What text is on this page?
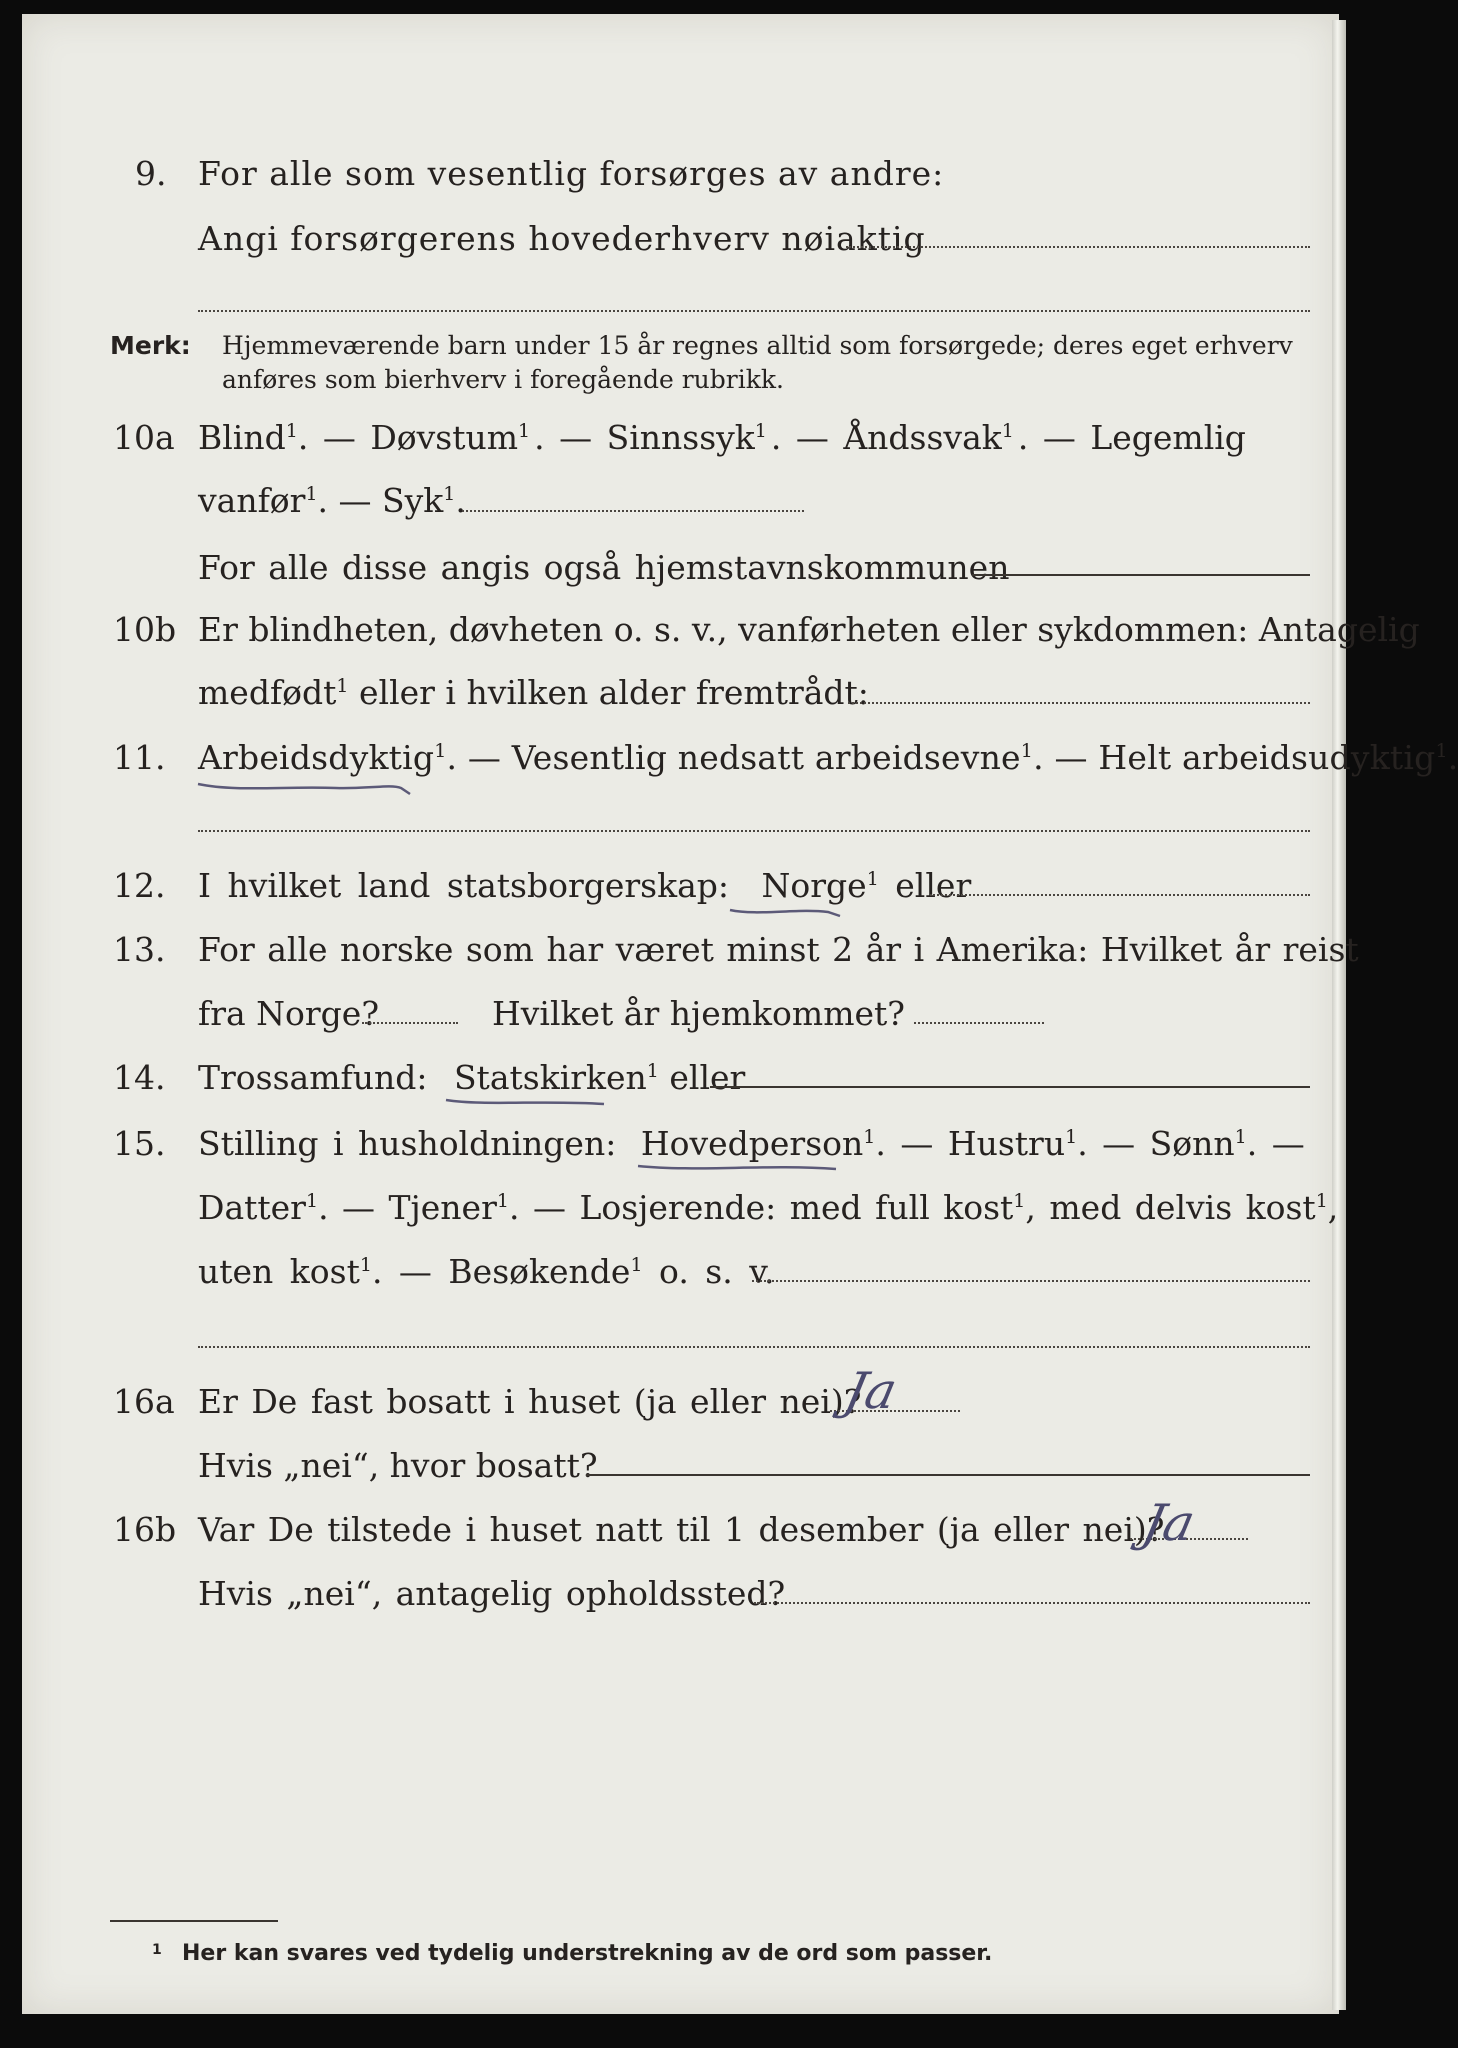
9. For alle som vesentlig forsørges av andre:
Angi forsørgerens hovederhverv nøiaktig
Merk: Hjemmeværende barn under 15 år regnes alltid som forsørgede; deres eget erhverv
anføres som bierhverv i foregående rubrikk.
10a Blind$^1$. — Døvstum$^1$ . — Sinnssyk$^1$ . — Åndssvak$^1$ . — Legemlig
vanfør$^1$. — Syk$^1$.
For alle disse angis også hjemstavnskommunen
10b Er blindheten, døvheten o. s. v., vanførheten eller sykdommen: Antagelig
medfødt$^1$ eller i hvilken alder fremtrådt:
11. Arbeidsdyktig$^1$. — Vesentlig nedsatt arbeidsevne$^1$. — Helt arbeidsudyktig$^1$.
12. I hvilket land statsborgerskap: Norge$^1$ eller
13. For alle norske som har været minst 2 år i Amerika: Hvilket år reist
fra Norge?	Hvilket år hjemkommet?
14. Trossamfund: Statskirken$^1$ eller
15. Stilling i husholdningen: Hovedperson$^1$. — Hustru$^1$. — Sønn$^1$. —
Datter$^1$. — Tjener$^1$. — Losjerende: med full kost$^1$, med delvis kost$^1$,
uten kost$^1$. — Besøkende$^1$ o. s. v.
16a Er De fast bosatt i huset (ja eller nei)?
Ja
Hvis „nei“, hvor bosatt?
16b Var De tilstede i huset natt til 1 desember (ja eller nei)?
Ja
Hvis „nei“, antagelig opholdssted?
1 Her kan svares ved tydelig understrekning av de ord som passer.
